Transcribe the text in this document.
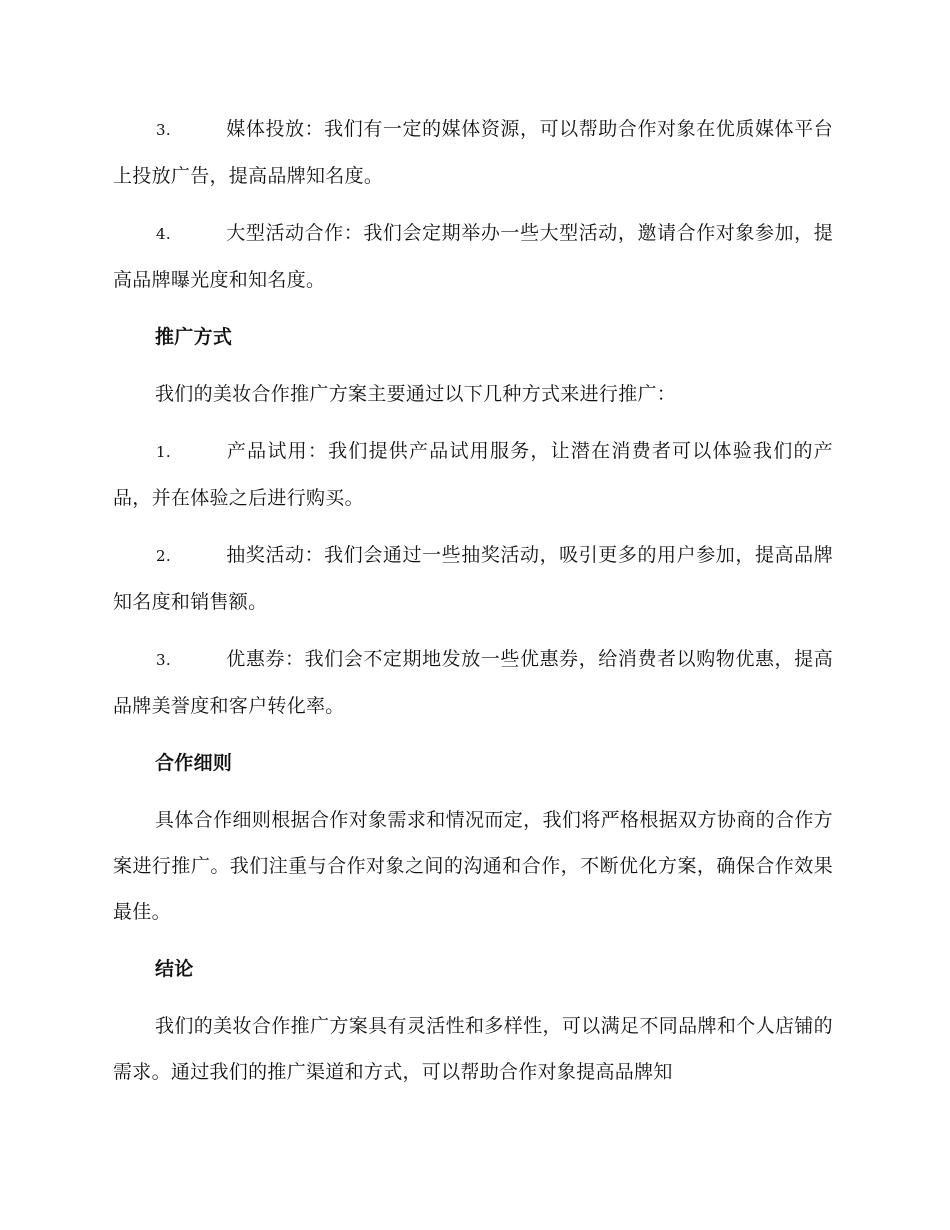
3.	媒体投放：我们有一定的媒体资源，可以帮助合作对象在优质媒体平台上投放广告，提高品牌知名度。

4.	大型活动合作：我们会定期举办一些大型活动，邀请合作对象参加，提高品牌曝光度和知名度。

推广方式

我们的美妆合作推广方案主要通过以下几种方式来进行推广：

1.	产品试用：我们提供产品试用服务，让潜在消费者可以体验我们的产品，并在体验之后进行购买。

2.	抽奖活动：我们会通过一些抽奖活动，吸引更多的用户参加，提高品牌知名度和销售额。

3.	优惠券：我们会不定期地发放一些优惠券，给消费者以购物优惠，提高品牌美誉度和客户转化率。

合作细则

具体合作细则根据合作对象需求和情况而定，我们将严格根据双方协商的合作方案进行推广。我们注重与合作对象之间的沟通和合作，不断优化方案，确保合作效果最佳。

结论

我们的美妆合作推广方案具有灵活性和多样性，可以满足不同品牌和个人店铺的需求。通过我们的推广渠道和方式，可以帮助合作对象提高品牌知
